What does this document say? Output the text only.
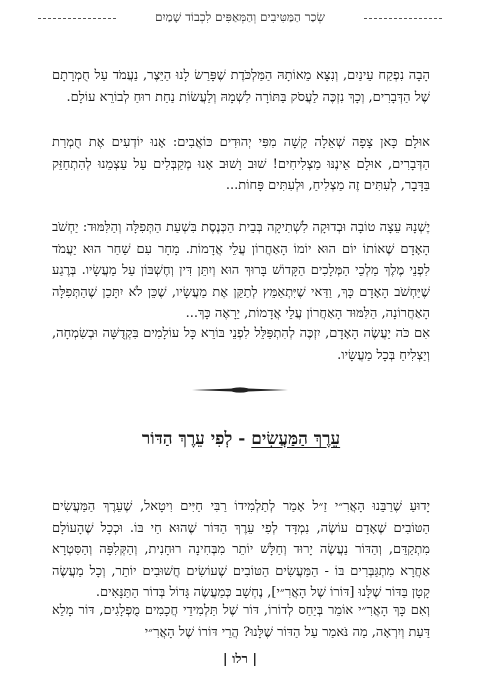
שְׂכַר הַמַּטִּיבִים וְהַמְּאַפִּים לִכְבוֹד שָׁמַיִם

הָבָה נִפְקַח עֵינַיִם, וְנִצָּא מֵאוֹתָהּ הַמַּלְכֹּדֶת שֶׁפָּרַשׂ לָנוּ הַיֵּצֶר, נַעֲמֹד עַל חֻמְרָתָם שֶׁל הַדְּבָרִים, וְכָךְ נִזְכֶּה לַעֲסֹק בַּתּוֹרָה לִשְׁמָהּ וְלַעֲשׂוֹת נַחַת רוּחַ לְבוֹרֵא עוֹלָם.

אוּלָם כָּאן צָפָה שְׁאֵלָה קָשָׁה מִפִּי יְהוּדִים כּוֹאֲבִים: אָנוּ יוֹדְעִים אֶת חֻמְרַת הַדְּבָרִים, אוּלָם אֵינֶנּוּ מַצְלִיחִים! שׁוּב וָשׁוּב אָנוּ מְקַבְּלִים עַל עַצְמֵנוּ לְהִתְחַזֵּק בַּדָּבָר, לְעִתִּים זֶה מַצְלִיחַ, וּלְעִתִּים פָּחוֹת...

יֶשְׁנָהּ עֵצָה טוֹבָה וּבְדוּקָה לִשְׁתִיקָה בְּבֵית הַכְּנֶסֶת בִּשְׁעַת הַתְּפִלָּה וְהַלִּמּוּד: יַחְשֹׁב הָאָדָם שֶׁאוֹתוֹ יוֹם הוּא יוֹמוֹ הָאַחֲרוֹן עֲלֵי אֲדָמוֹת. מָחָר עִם שַׁחַר הוּא יַעֲמֹד לִפְנֵי מֶלֶךְ מַלְכֵי הַמְּלָכִים הַקָּדוֹשׁ בָּרוּךְ הוּא וְיִתֵּן דִּין וְחֶשְׁבּוֹן עַל מַעֲשָׂיו. בְּרֶגַע שֶׁיַּחְשֹׁב הָאָדָם כָּךְ, וַדַּאי שֶׁיִּתְאַמֵּץ לְתַקֵּן אֶת מַעֲשָׂיו, שֶׁכֵּן לֹא יִתָּכֵן שֶׁהַתְּפִלָּה הָאַחֲרוֹנָה, הַלִּמּוּד הָאַחֲרוֹן עֲלֵי אֲדָמוֹת, יֵרָאֶה כָּךְ...

אִם כֹּה יַעֲשֶׂה הָאָדָם, יִזְכֶּה לְהִתְפַּלֵּל לִפְנֵי בּוֹרֵא כָּל עוֹלָמִים בִּקְדֻשָּׁה וּבְשִׂמְחָה, וְיַצְלִיחַ בְּכָל מַעֲשָׂיו.

עֵרֶךְ הַמַּעֲשִׂים - לְפִי עֵרֶךְ הַדּוֹר

יָדוּעַ שֶׁרַבֵּנוּ הָאֲרִ״י זַ״ל אָמַר לְתַלְמִידוֹ רַבִּי חַיִּים וִיטָאל, שֶׁעֵרֶךְ הַמַּעֲשִׂים הַטּוֹבִים שֶׁאָדָם עוֹשֶׂה, נִמְדָּד לְפִי עֵרֶךְ הַדּוֹר שֶׁהוּא חַי בּוֹ. וּכְכָל שֶׁהָעוֹלָם מִתְקַדֵּם, וְהַדּוֹר נַעֲשֶׂה יָרוּד וְחַלָּשׁ יוֹתֵר מִבְּחִינָה רוּחָנִית, וְהַקְּלִפָּה וְהַסִּטְרָא אַחֲרָא מִתְגַּבְּרִים בּוֹ - הַמַּעֲשִׂים הַטּוֹבִים שֶׁעוֹשִׂים חֲשׁוּבִים יוֹתֵר, וְכָל מַעֲשֶׂה קָטָן בַּדּוֹר שֶׁלָּנוּ [דּוֹרוֹ שֶׁל הָאֲרִ״י], נֶחְשָׁב כְּמַעֲשֶׂה גָּדוֹל בְּדוֹר הַתַּנָּאִים.

וְאִם כָּךְ הָאֲרִ״י אוֹמֵר בְּיַחַס לְדוֹרוֹ, דּוֹר שֶׁל תַּלְמִידֵי חֲכָמִים מֻפְלָגִים, דּוֹר מָלֵא דַּעַת וְיִרְאָה, מַה נֹּאמַר עַל הַדּוֹר שֶׁלָּנוּ? הֲרֵי דּוֹרוֹ שֶׁל הָאֲרִ״י

| רלו |
